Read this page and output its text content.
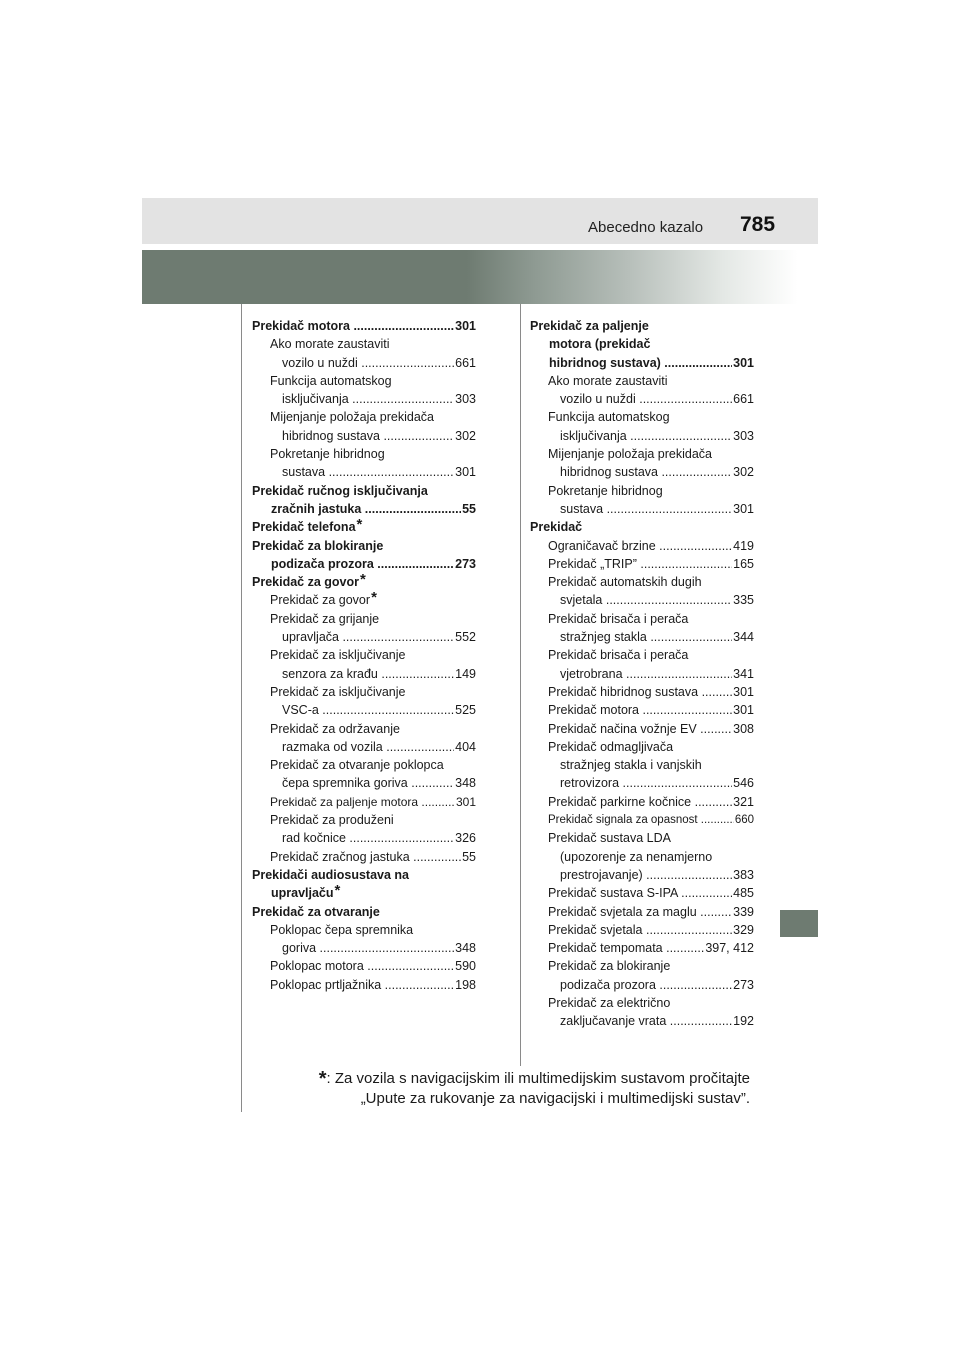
Abecedno kazalo 785
Prekidač motora .....	301
Ako morate zaustaviti
vozilo u nuždi .....	661
Funkcija automatskog
isključivanja .....	303
Mijenjanje položaja prekidača
hibridnog sustava .....	302
Pokretanje hibridnog
sustava .....	301
Prekidač ručnog isključivanja
zračnih jastuka .....	55
Prekidač telefona*
Prekidač za blokiranje
podizača prozora .....	273
Prekidač za govor*
Prekidač za govor*
Prekidač za grijanje
upravljača .....	552
Prekidač za isključivanje
senzora za krađu .....	149
Prekidač za isključivanje
VSC-a .....	525
Prekidač za održavanje
razmaka od vozila .....	404
Prekidač za otvaranje poklopca
čepa spremnika goriva .....	348
Prekidač za paljenje motora .....	301
Prekidač za produženi
rad kočnice .....	326
Prekidač zračnog jastuka .....	55
Prekidači audiosustava na
upravljaču*
Prekidač za otvaranje
Poklopac čepa spremnika
goriva .....	348
Poklopac motora .....	590
Poklopac prtljažnika .....	198
Prekidač za paljenje
motora (prekidač
hibridnog sustava) .....	301
Ako morate zaustaviti
vozilo u nuždi .....	661
Funkcija automatskog
isključivanja .....	303
Mijenjanje položaja prekidača
hibridnog sustava .....	302
Pokretanje hibridnog
sustava .....	301
Prekidač
Ograničavač brzine .....	419
Prekidač „TRIP” .....	165
Prekidač automatskih dugih
svjetala .....	335
Prekidač brisača i perača
stražnjeg stakla .....	344
Prekidač brisača i perača
vjetrobrana .....	341
Prekidač hibridnog sustava .....	301
Prekidač motora .....	301
Prekidač načina vožnje EV .....	308
Prekidač odmagljivača
stražnjeg stakla i vanjskih
retrovizora .....	546
Prekidač parkirne kočnice .....	321
Prekidač signala za opasnost .....	660
Prekidač sustava LDA
(upozorenje za nenamjerno
prestrojavanje) .....	383
Prekidač sustava S-IPA .....	485
Prekidač svjetala za maglu .....	339
Prekidač svjetala .....	329
Prekidač tempomata .....	397, 412
Prekidač za blokiranje
podizača prozora .....	273
Prekidač za električno
zaključavanje vrata .....	192
*: Za vozila s navigacijskim ili multimedijskim sustavom pročitajte
„Upute za rukovanje za navigacijski i multimedijski sustav”.
